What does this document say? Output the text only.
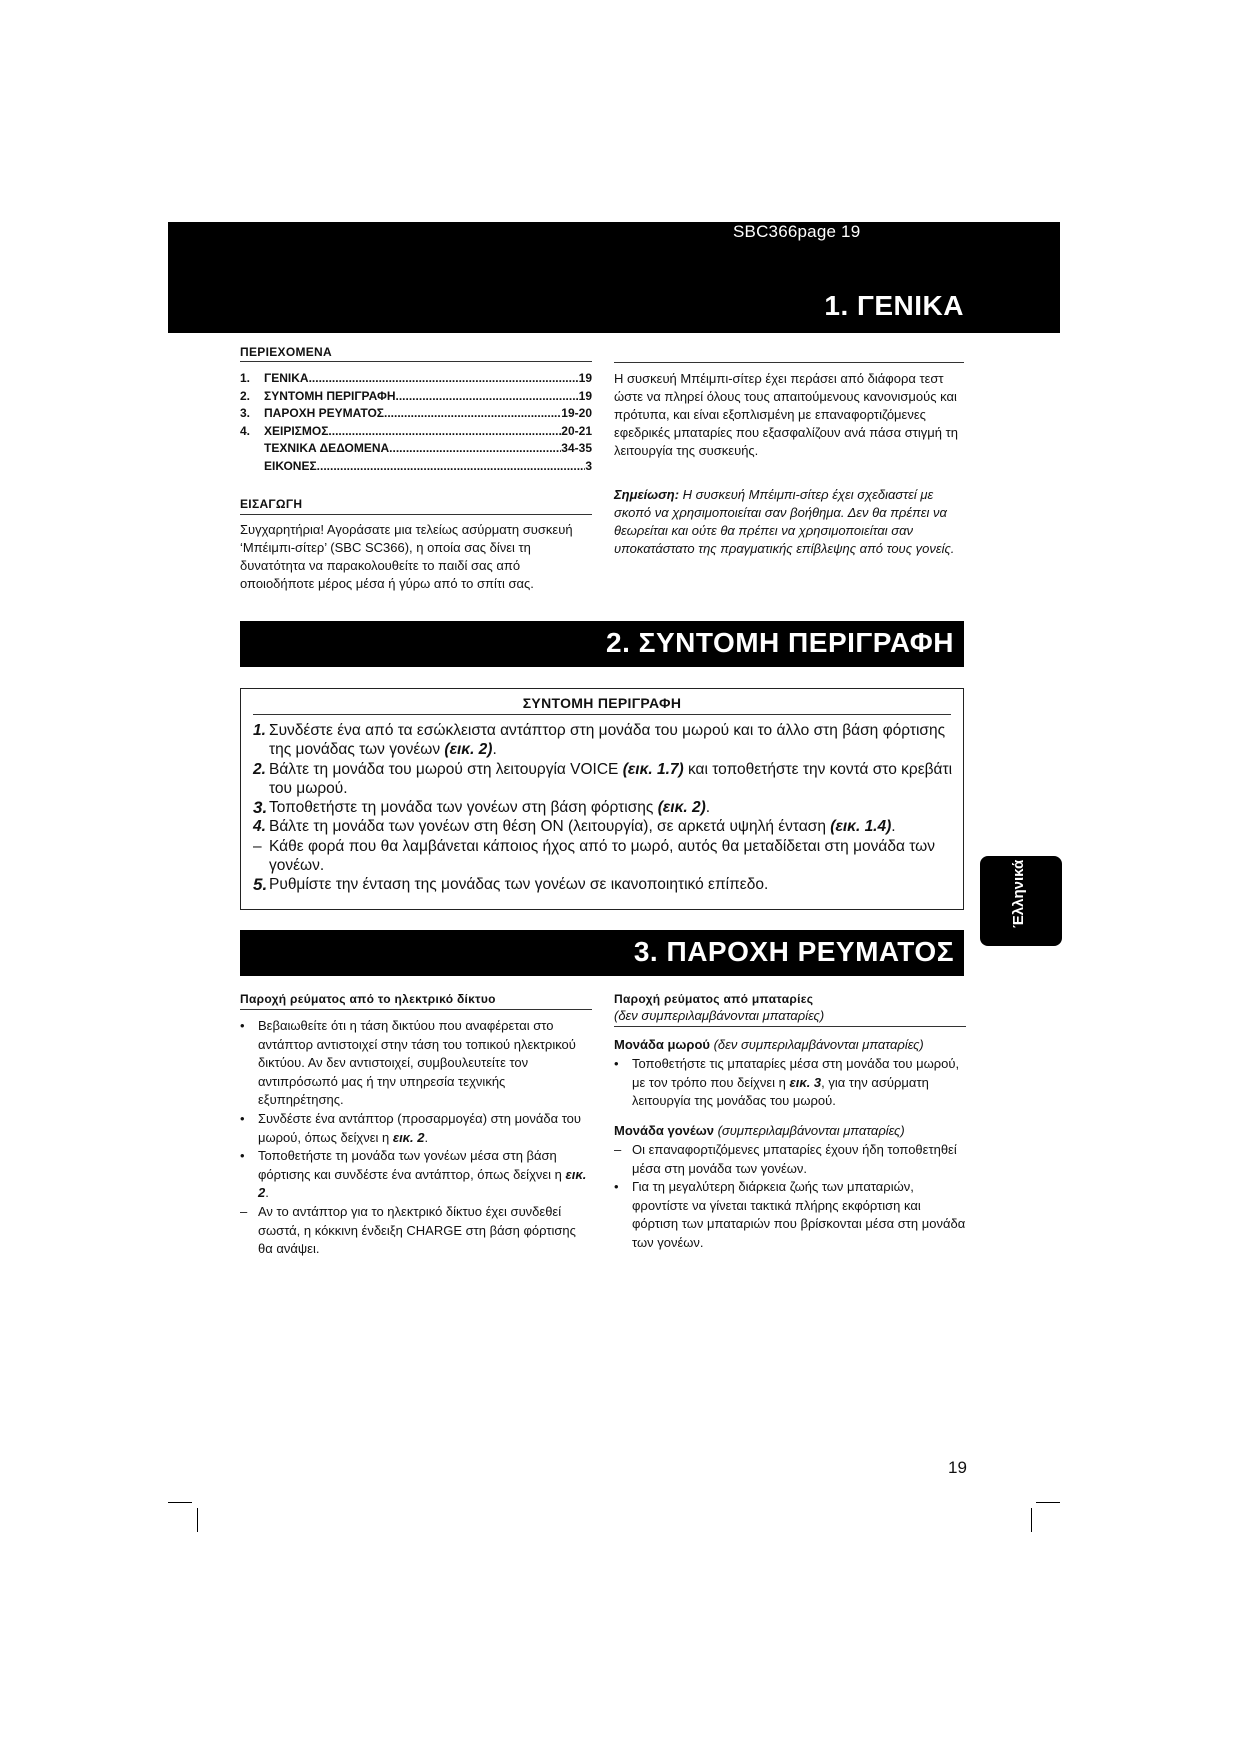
SBC366page 19
1. ΓΕΝΙΚΑ
ΠΕΡΙΕΧΟΜΕΝΑ
1.	ΓΕΝΙΚΑ .....	19
2.	ΣΥΝΤΟΜΗ ΠΕΡΙΓΡΑΦΗ .....	19
3.	ΠΑΡΟΧΗ ΡΕΥΜΑΤΟΣ .....	19-20
4.	ΧΕΙΡΙΣΜΟΣ .....	20-21
ΤΕΧΝΙΚΑ ΔΕΔΟΜΕΝΑ .....	34-35
ΕΙΚΟΝΕΣ .....	3
ΕΙΣΑΓΩΓΗ
Συγχαρητήρια! Αγοράσατε μια τελείως ασύρματη συσκευή ‘Μπέιμπι-σίτερ’ (SBC SC366), η οποία σας δίνει τη δυνατότητα να παρακολουθείτε το παιδί σας από οποιοδήποτε μέρος μέσα ή γύρω από το σπίτι σας.
Η συσκευή Μπέιμπι-σίτερ έχει περάσει από διάφορα τεστ ώστε να πληρεί όλους τους απαιτούμενους κανονισμούς και πρότυπα, και είναι εξοπλισμένη με επαναφορτιζόμενες εφεδρικές μπαταρίες που εξασφαλίζουν ανά πάσα στιγμή τη λειτουργία της συσκευής.
Σημείωση: Η συσκευή Μπέιμπι-σίτερ έχει σχεδιαστεί με σκοπό να χρησιμοποιείται σαν βοήθημα. Δεν θα πρέπει να θεωρείται και ούτε θα πρέπει να χρησιμοποιείται σαν υποκατάστατο της πραγματικής επίβλεψης από τους γονείς.
2. ΣΥΝΤΟΜΗ ΠΕΡΙΓΡΑΦΗ
ΣΥΝΤΟΜΗ ΠΕΡΙΓΡΑΦΗ
1. Συνδέστε ένα από τα εσώκλειστα αντάπτορ στη μονάδα του μωρού και το άλλο στη βάση φόρτισης της μονάδας των γονέων (εικ. 2).
2. Βάλτε τη μονάδα του μωρού στη λειτουργία VOICE (εικ. 1.7) και τοποθετήστε την κοντά στο κρεβάτι του μωρού.
3. Τοποθετήστε τη μονάδα των γονέων στη βάση φόρτισης (εικ. 2).
4. Βάλτε τη μονάδα των γονέων στη θέση ON (λειτουργία), σε αρκετά υψηλή ένταση (εικ. 1.4).
– Κάθε φορά που θα λαμβάνεται κάποιος ήχος από το μωρό, αυτός θα μεταδίδεται στη μονάδα των γονέων.
5. Ρυθμίστε την ένταση της μονάδας των γονέων σε ικανοποιητικό επίπεδο.	Έλληνικά
3. ΠΑΡΟΧΗ ΡΕΥΜΑΤΟΣ
Παροχή ρεύματος από το ηλεκτρικό δίκτυο
•	Βεβαιωθείτε ότι η τάση δικτύου που αναφέρεται στο αντάπτορ αντιστοιχεί στην τάση του τοπικού ηλεκτρικού δικτύου. Αν δεν αντιστοιχεί, συμβουλευτείτε τον αντιπρόσωπό μας ή την υπηρεσία τεχνικής εξυπηρέτησης.
•	Συνδέστε ένα αντάπτορ (προσαρμογέα) στη μονάδα του μωρού, όπως δείχνει η εικ. 2.
•	Τοποθετήστε τη μονάδα των γονέων μέσα στη βάση φόρτισης και συνδέστε ένα αντάπτορ, όπως δείχνει η εικ. 2.
– Αν το αντάπτορ για το ηλεκτρικό δίκτυο έχει συνδεθεί σωστά, η κόκκινη ένδειξη CHARGE στη βάση φόρτισης θα ανάψει.
Παροχή ρεύματος από μπαταρίες
(δεν συμπεριλαμβάνονται μπαταρίες)
Μονάδα μωρού (δεν συμπεριλαμβάνονται μπαταρίες)
•	Τοποθετήστε τις μπαταρίες μέσα στη μονάδα του μωρού, με τον τρόπο που δείχνει η εικ. 3, για την ασύρματη λειτουργία της μονάδας του μωρού.
Μονάδα γονέων (συμπεριλαμβάνονται μπαταρίες)
– Οι επαναφορτιζόμενες μπαταρίες έχουν ήδη τοποθετηθεί μέσα στη μονάδα των γονέων.
•	Για τη μεγαλύτερη διάρκεια ζωής των μπαταριών, φροντίστε να γίνεται τακτικά πλήρης εκφόρτιση και φόρτιση των μπαταριών που βρίσκονται μέσα στη μονάδα των γονέων.
19
